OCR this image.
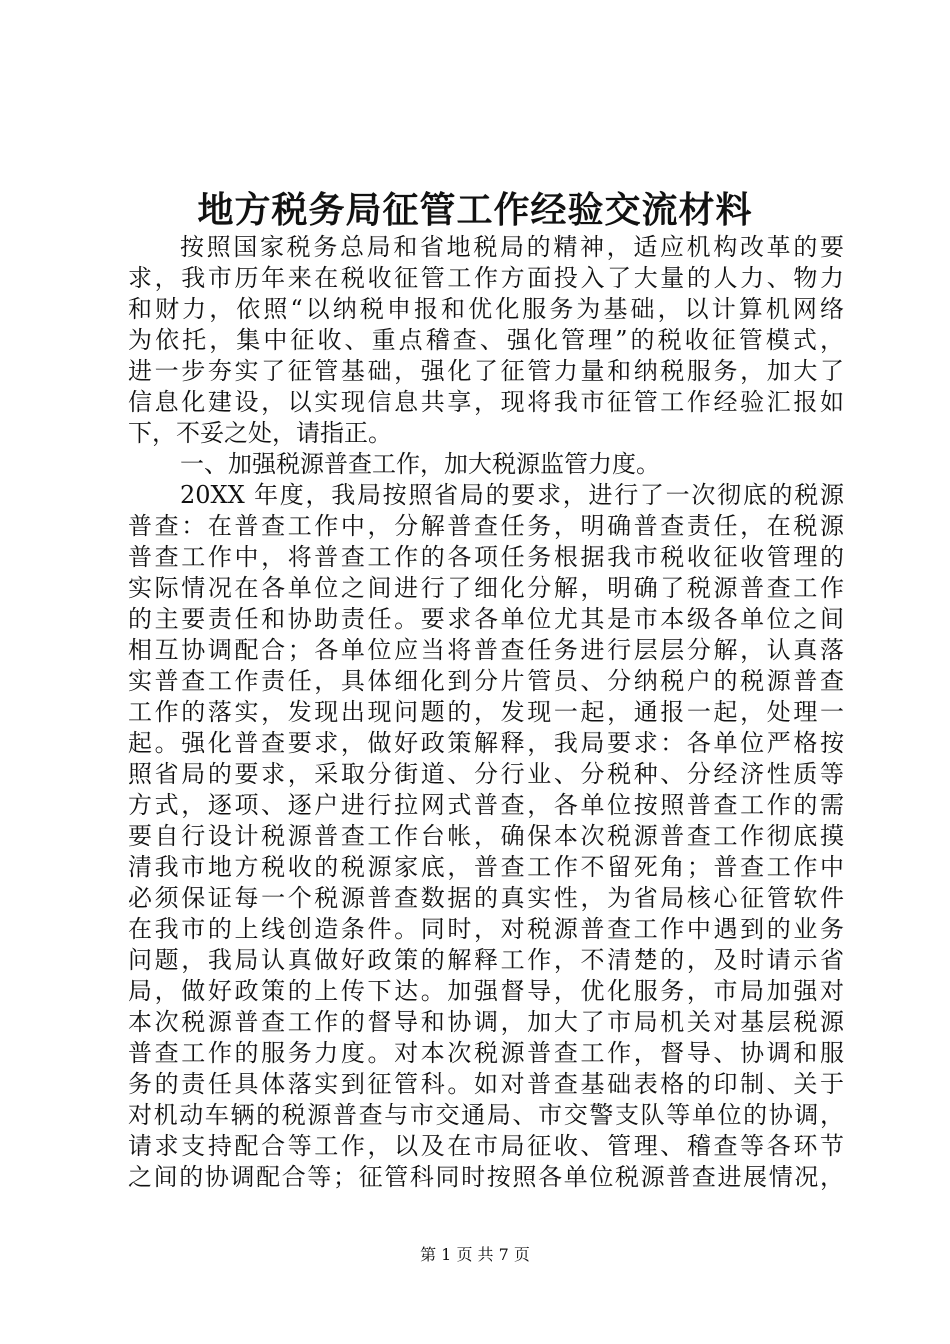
地方税务局征管工作经验交流材料
按照国家税务总局和省地税局的精神，适应机构改革的要
求，我市历年来在税收征管工作方面投入了大量的人力、物力
和财力，依照“以纳税申报和优化服务为基础，以计算机网络
为依托，集中征收、重点稽查、强化管理”的税收征管模式，
进一步夯实了征管基础，强化了征管力量和纳税服务，加大了
信息化建设，以实现信息共享，现将我市征管工作经验汇报如
下，不妥之处，请指正。
一、加强税源普查工作，加大税源监管力度。
20XX 年度，我局按照省局的要求，进行了一次彻底的税源
普查：在普查工作中，分解普查任务，明确普查责任，在税源
普查工作中，将普查工作的各项任务根据我市税收征收管理的
实际情况在各单位之间进行了细化分解，明确了税源普查工作
的主要责任和协助责任。要求各单位尤其是市本级各单位之间
相互协调配合；各单位应当将普查任务进行层层分解，认真落
实普查工作责任，具体细化到分片管员、分纳税户的税源普查
工作的落实，发现出现问题的，发现一起，通报一起，处理一
起。强化普查要求，做好政策解释，我局要求：各单位严格按
照省局的要求，采取分街道、分行业、分税种、分经济性质等
方式，逐项、逐户进行拉网式普查，各单位按照普查工作的需
要自行设计税源普查工作台帐，确保本次税源普查工作彻底摸
清我市地方税收的税源家底，普查工作不留死角；普查工作中
必须保证每一个税源普查数据的真实性，为省局核心征管软件
在我市的上线创造条件。同时，对税源普查工作中遇到的业务
问题，我局认真做好政策的解释工作，不清楚的，及时请示省
局，做好政策的上传下达。加强督导，优化服务，市局加强对
本次税源普查工作的督导和协调，加大了市局机关对基层税源
普查工作的服务力度。对本次税源普查工作，督导、协调和服
务的责任具体落实到征管科。如对普查基础表格的印制、关于
对机动车辆的税源普查与市交通局、市交警支队等单位的协调，
请求支持配合等工作，以及在市局征收、管理、稽查等各环节
之间的协调配合等；征管科同时按照各单位税源普查进展情况，
第 1 页 共 7 页
